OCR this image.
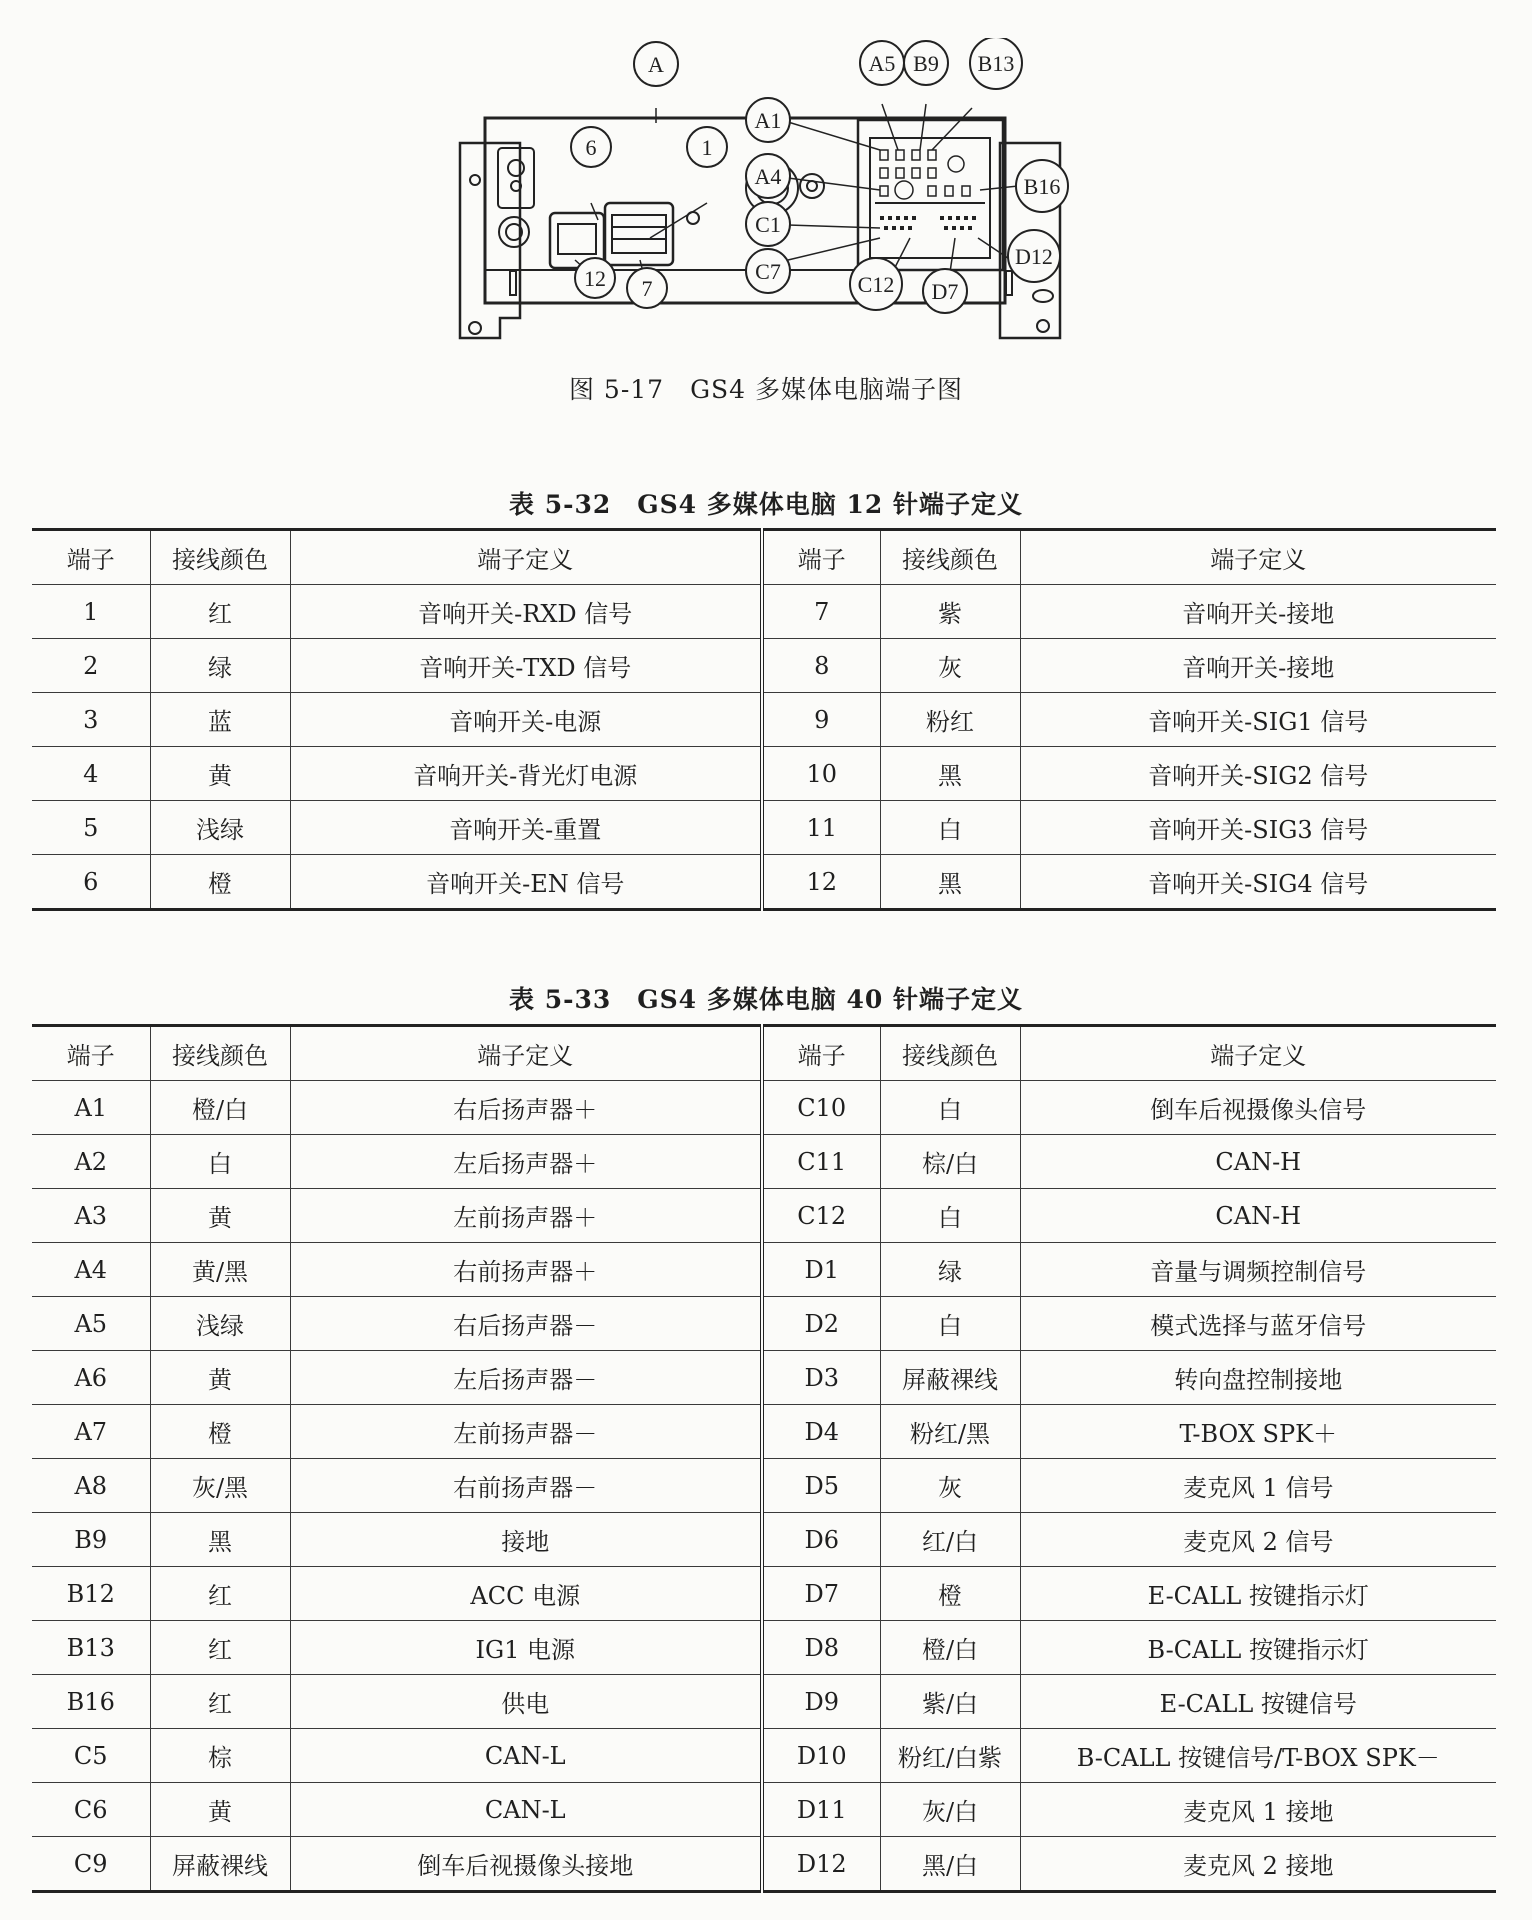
A
6	1
12 7
A5 B9 B13
A1
A4
C1
C7
C12 D7
B16
D12
图 5-17　GS4 多媒体电脑端子图
表 5-32　GS4 多媒体电脑 12 针端子定义
端子	接线颜色	端子定义	端子	接线颜色	端子定义
1	红	音响开关-RXD 信号	7	紫	音响开关-接地
2	绿	音响开关-TXD 信号	8	灰	音响开关-接地
3	蓝	音响开关-电源	9	粉红	音响开关-SIG1 信号
4	黄	音响开关-背光灯电源	10	黑	音响开关-SIG2 信号
5	浅绿	音响开关-重置	11	白	音响开关-SIG3 信号
6	橙	音响开关-EN 信号	12	黑	音响开关-SIG4 信号
表 5-33　GS4 多媒体电脑 40 针端子定义
端子	接线颜色	端子定义	端子	接线颜色	端子定义
A1	橙/白	右后扬声器＋	C10	白	倒车后视摄像头信号
A2	白	左后扬声器＋	C11	棕/白	CAN-H
A3	黄	左前扬声器＋	C12	白	CAN-H
A4	黄/黑	右前扬声器＋	D1	绿	音量与调频控制信号
A5	浅绿	右后扬声器－	D2	白	模式选择与蓝牙信号
A6	黄	左后扬声器－	D3	屏蔽裸线	转向盘控制接地
A7	橙	左前扬声器－	D4	粉红/黑	T-BOX SPK＋
A8	灰/黑	右前扬声器－	D5	灰	麦克风 1 信号
B9	黑	接地	D6	红/白	麦克风 2 信号
B12	红	ACC 电源	D7	橙	E-CALL 按键指示灯
B13	红	IG1 电源	D8	橙/白	B-CALL 按键指示灯
B16	红	供电	D9	紫/白	E-CALL 按键信号
C5	棕	CAN-L	D10	粉红/白紫	B-CALL 按键信号/T-BOX SPK－
C6	黄	CAN-L	D11	灰/白	麦克风 1 接地
C9	屏蔽裸线	倒车后视摄像头接地	D12	黑/白	麦克风 2 接地
